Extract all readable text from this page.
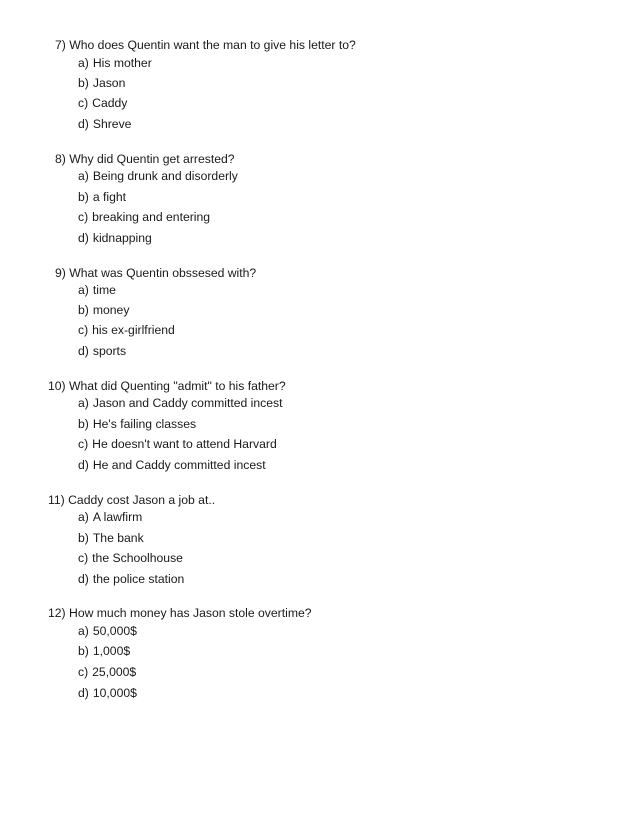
7) Who does Quentin want the man to give his letter to?
a) His mother
b) Jason
c) Caddy
d) Shreve
8) Why did Quentin get arrested?
a) Being drunk and disorderly
b) a fight
c) breaking and entering
d) kidnapping
9) What was Quentin obssesed with?
a) time
b) money
c) his ex-girlfriend
d) sports
10) What did Quenting "admit" to his father?
a) Jason and Caddy committed incest
b) He's failing classes
c) He doesn't want to attend Harvard
d) He and Caddy committed incest
11) Caddy cost Jason a job at..
a) A lawfirm
b) The bank
c) the Schoolhouse
d) the police station
12) How much money has Jason stole overtime?
a) 50,000$
b) 1,000$
c) 25,000$
d) 10,000$
